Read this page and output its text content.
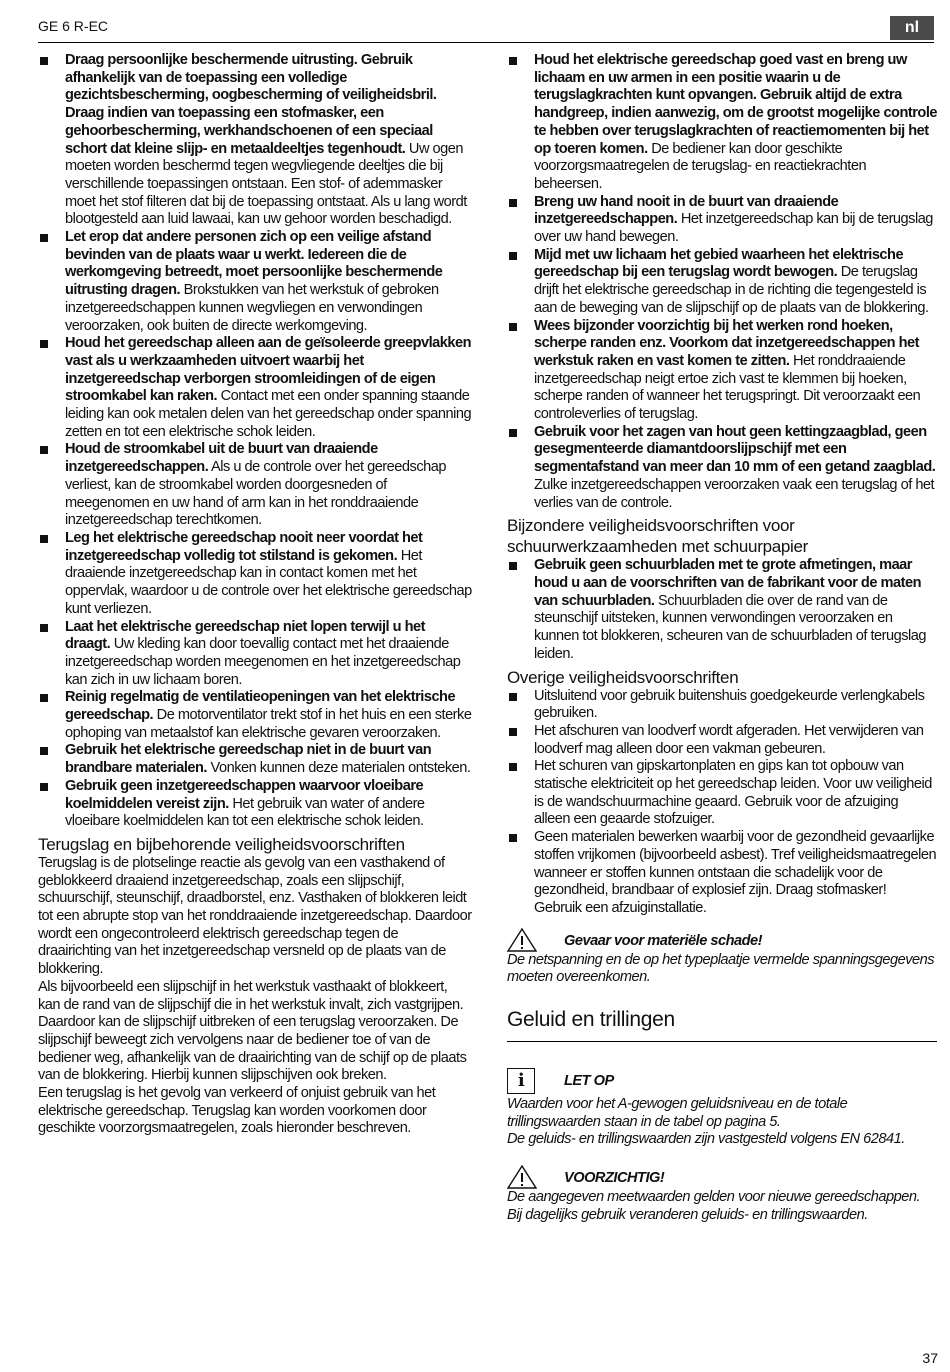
GE 6 R-EC	nl
Draag persoonlijke beschermende uitrusting. Gebruik afhankelijk van de toepassing een volledige gezichtsbescherming, oogbescherming of veiligheidsbril. Draag indien van toepassing een stofmasker, een gehoorbescherming, werkhandschoenen of een speciaal schort dat kleine slijp- en metaaldeeltjes tegenhoudt. Uw ogen moeten worden beschermd tegen wegvliegende deeltjes die bij verschillende toepassingen ontstaan. Een stof- of ademmasker moet het stof filteren dat bij de toepassing ontstaat. Als u lang wordt blootgesteld aan luid lawaai, kan uw gehoor worden beschadigd.
Let erop dat andere personen zich op een veilige afstand bevinden van de plaats waar u werkt. Iedereen die de werkomgeving betreedt, moet persoonlijke beschermende uitrusting dragen. Brokstukken van het werkstuk of gebroken inzetgereedschappen kunnen wegvliegen en verwondingen veroorzaken, ook buiten de directe werkomgeving.
Houd het gereedschap alleen aan de geïsoleerde greepvlakken vast als u werkzaamheden uitvoert waarbij het inzetgereedschap verborgen stroomleidingen of de eigen stroomkabel kan raken. Contact met een onder spanning staande leiding kan ook metalen delen van het gereedschap onder spanning zetten en tot een elektrische schok leiden.
Houd de stroomkabel uit de buurt van draaiende inzetgereedschappen. Als u de controle over het gereedschap verliest, kan de stroomkabel worden doorgesneden of meegenomen en uw hand of arm kan in het ronddraaiende inzetgereedschap terechtkomen.
Leg het elektrische gereedschap nooit neer voordat het inzetgereedschap volledig tot stilstand is gekomen. Het draaiende inzetgereedschap kan in contact komen met het oppervlak, waardoor u de controle over het elektrische gereedschap kunt verliezen.
Laat het elektrische gereedschap niet lopen terwijl u het draagt. Uw kleding kan door toevallig contact met het draaiende inzetgereedschap worden meegenomen en het inzetgereedschap kan zich in uw lichaam boren.
Reinig regelmatig de ventilatieopeningen van het elektrische gereedschap. De motorventilator trekt stof in het huis en een sterke ophoping van metaalstof kan elektrische gevaren veroorzaken.
Gebruik het elektrische gereedschap niet in de buurt van brandbare materialen. Vonken kunnen deze materialen ontsteken.
Gebruik geen inzetgereedschappen waarvoor vloeibare koelmiddelen vereist zijn. Het gebruik van water of andere vloeibare koelmiddelen kan tot een elektrische schok leiden.
Terugslag en bijbehorende veiligheidsvoorschriften

Terugslag is de plotselinge reactie als gevolg van een vasthakend of geblokkeerd draaiend inzetgereedschap, zoals een slijpschijf, schuurschijf, steunschijf, draadborstel, enz. Vasthaken of blokkeren leidt tot een abrupte stop van het ronddraaiende inzetgereedschap. Daardoor wordt een ongecontroleerd elektrisch gereedschap tegen de draairichting van het inzetgereedschap versneld op de plaats van de blokkering.

Als bijvoorbeeld een slijpschijf in het werkstuk vasthaakt of blokkeert, kan de rand van de slijpschijf die in het werkstuk invalt, zich vastgrijpen. Daardoor kan de slijpschijf uitbreken of een terugslag veroorzaken. De slijpschijf beweegt zich vervolgens naar de bediener toe of van de bediener weg, afhankelijk van de draairichting van de schijf op de plaats van de blokkering. Hierbij kunnen slijpschijven ook breken.

Een terugslag is het gevolg van verkeerd of onjuist gebruik van het elektrische gereedschap. Terugslag kan worden voorkomen door geschikte voorzorgsmaatregelen, zoals hieronder beschreven.

Houd het elektrische gereedschap goed vast en breng uw lichaam en uw armen in een positie waarin u de terugslagkrachten kunt opvangen. Gebruik altijd de extra handgreep, indien aanwezig, om de grootst mogelijke controle te hebben over terugslagkrachten of reactiemomenten bij het op toeren komen. De bediener kan door geschikte voorzorgsmaatregelen de terugslag- en reactiekrachten beheersen.
Breng uw hand nooit in de buurt van draaiende inzetgereedschappen. Het inzetgereedschap kan bij de terugslag over uw hand bewegen.
Mijd met uw lichaam het gebied waarheen het elektrische gereedschap bij een terugslag wordt bewogen. De terugslag drijft het elektrische gereedschap in de richting die tegengesteld is aan de beweging van de slijpschijf op de plaats van de blokkering.
Wees bijzonder voorzichtig bij het werken rond hoeken, scherpe randen enz. Voorkom dat inzetgereedschappen het werkstuk raken en vast komen te zitten. Het ronddraaiende inzetgereedschap neigt ertoe zich vast te klemmen bij hoeken, scherpe randen of wanneer het terugspringt. Dit veroorzaakt een controleverlies of terugslag.
Gebruik voor het zagen van hout geen kettingzaagblad, geen gesegmenteerde diamantdoorslijpschijf met een segmentafstand van meer dan 10 mm of een getand zaagblad. Zulke inzetgereedschappen veroorzaken vaak een terugslag of het verlies van de controle.
Bijzondere veiligheidsvoorschriften voor schuurwerkzaamheden met schuurpapier
Gebruik geen schuurbladen met te grote afmetingen, maar houd u aan de voorschriften van de fabrikant voor de maten van schuurbladen. Schuurbladen die over de rand van de steunschijf uitsteken, kunnen verwondingen veroorzaken en kunnen tot blokkeren, scheuren van de schuurbladen of terugslag leiden.
Overige veiligheidsvoorschriften
Uitsluitend voor gebruik buitenshuis goedgekeurde verlengkabels gebruiken.
Het afschuren van loodverf wordt afgeraden. Het verwijderen van loodverf mag alleen door een vakman gebeuren.
Het schuren van gipskartonplaten en gips kan tot opbouw van statische elektriciteit op het gereedschap leiden. Voor uw veiligheid is de wandschuurmachine geaard. Gebruik voor de afzuiging alleen een geaarde stofzuiger.
Geen materialen bewerken waarbij voor de gezondheid gevaarlijke stoffen vrijkomen (bijvoorbeeld asbest). Tref veiligheidsmaatregelen wanneer er stoffen kunnen ontstaan die schadelijk voor de gezondheid, brandbaar of explosief zijn. Draag stofmasker! Gebruik een afzuiginstallatie.
Gevaar voor materiële schade!
De netspanning en de op het typeplaatje vermelde spanningsgegevens moeten overeenkomen.
Geluid en trillingen
i	LET OP
Waarden voor het A-gewogen geluidsniveau en de totale trillingswaarden staan in de tabel op pagina 5.
De geluids- en trillingswaarden zijn vastgesteld volgens EN 62841.
VOORZICHTIG!
De aangegeven meetwaarden gelden voor nieuwe gereedschappen.
Bij dagelijks gebruik veranderen geluids- en trillingswaarden.
37
